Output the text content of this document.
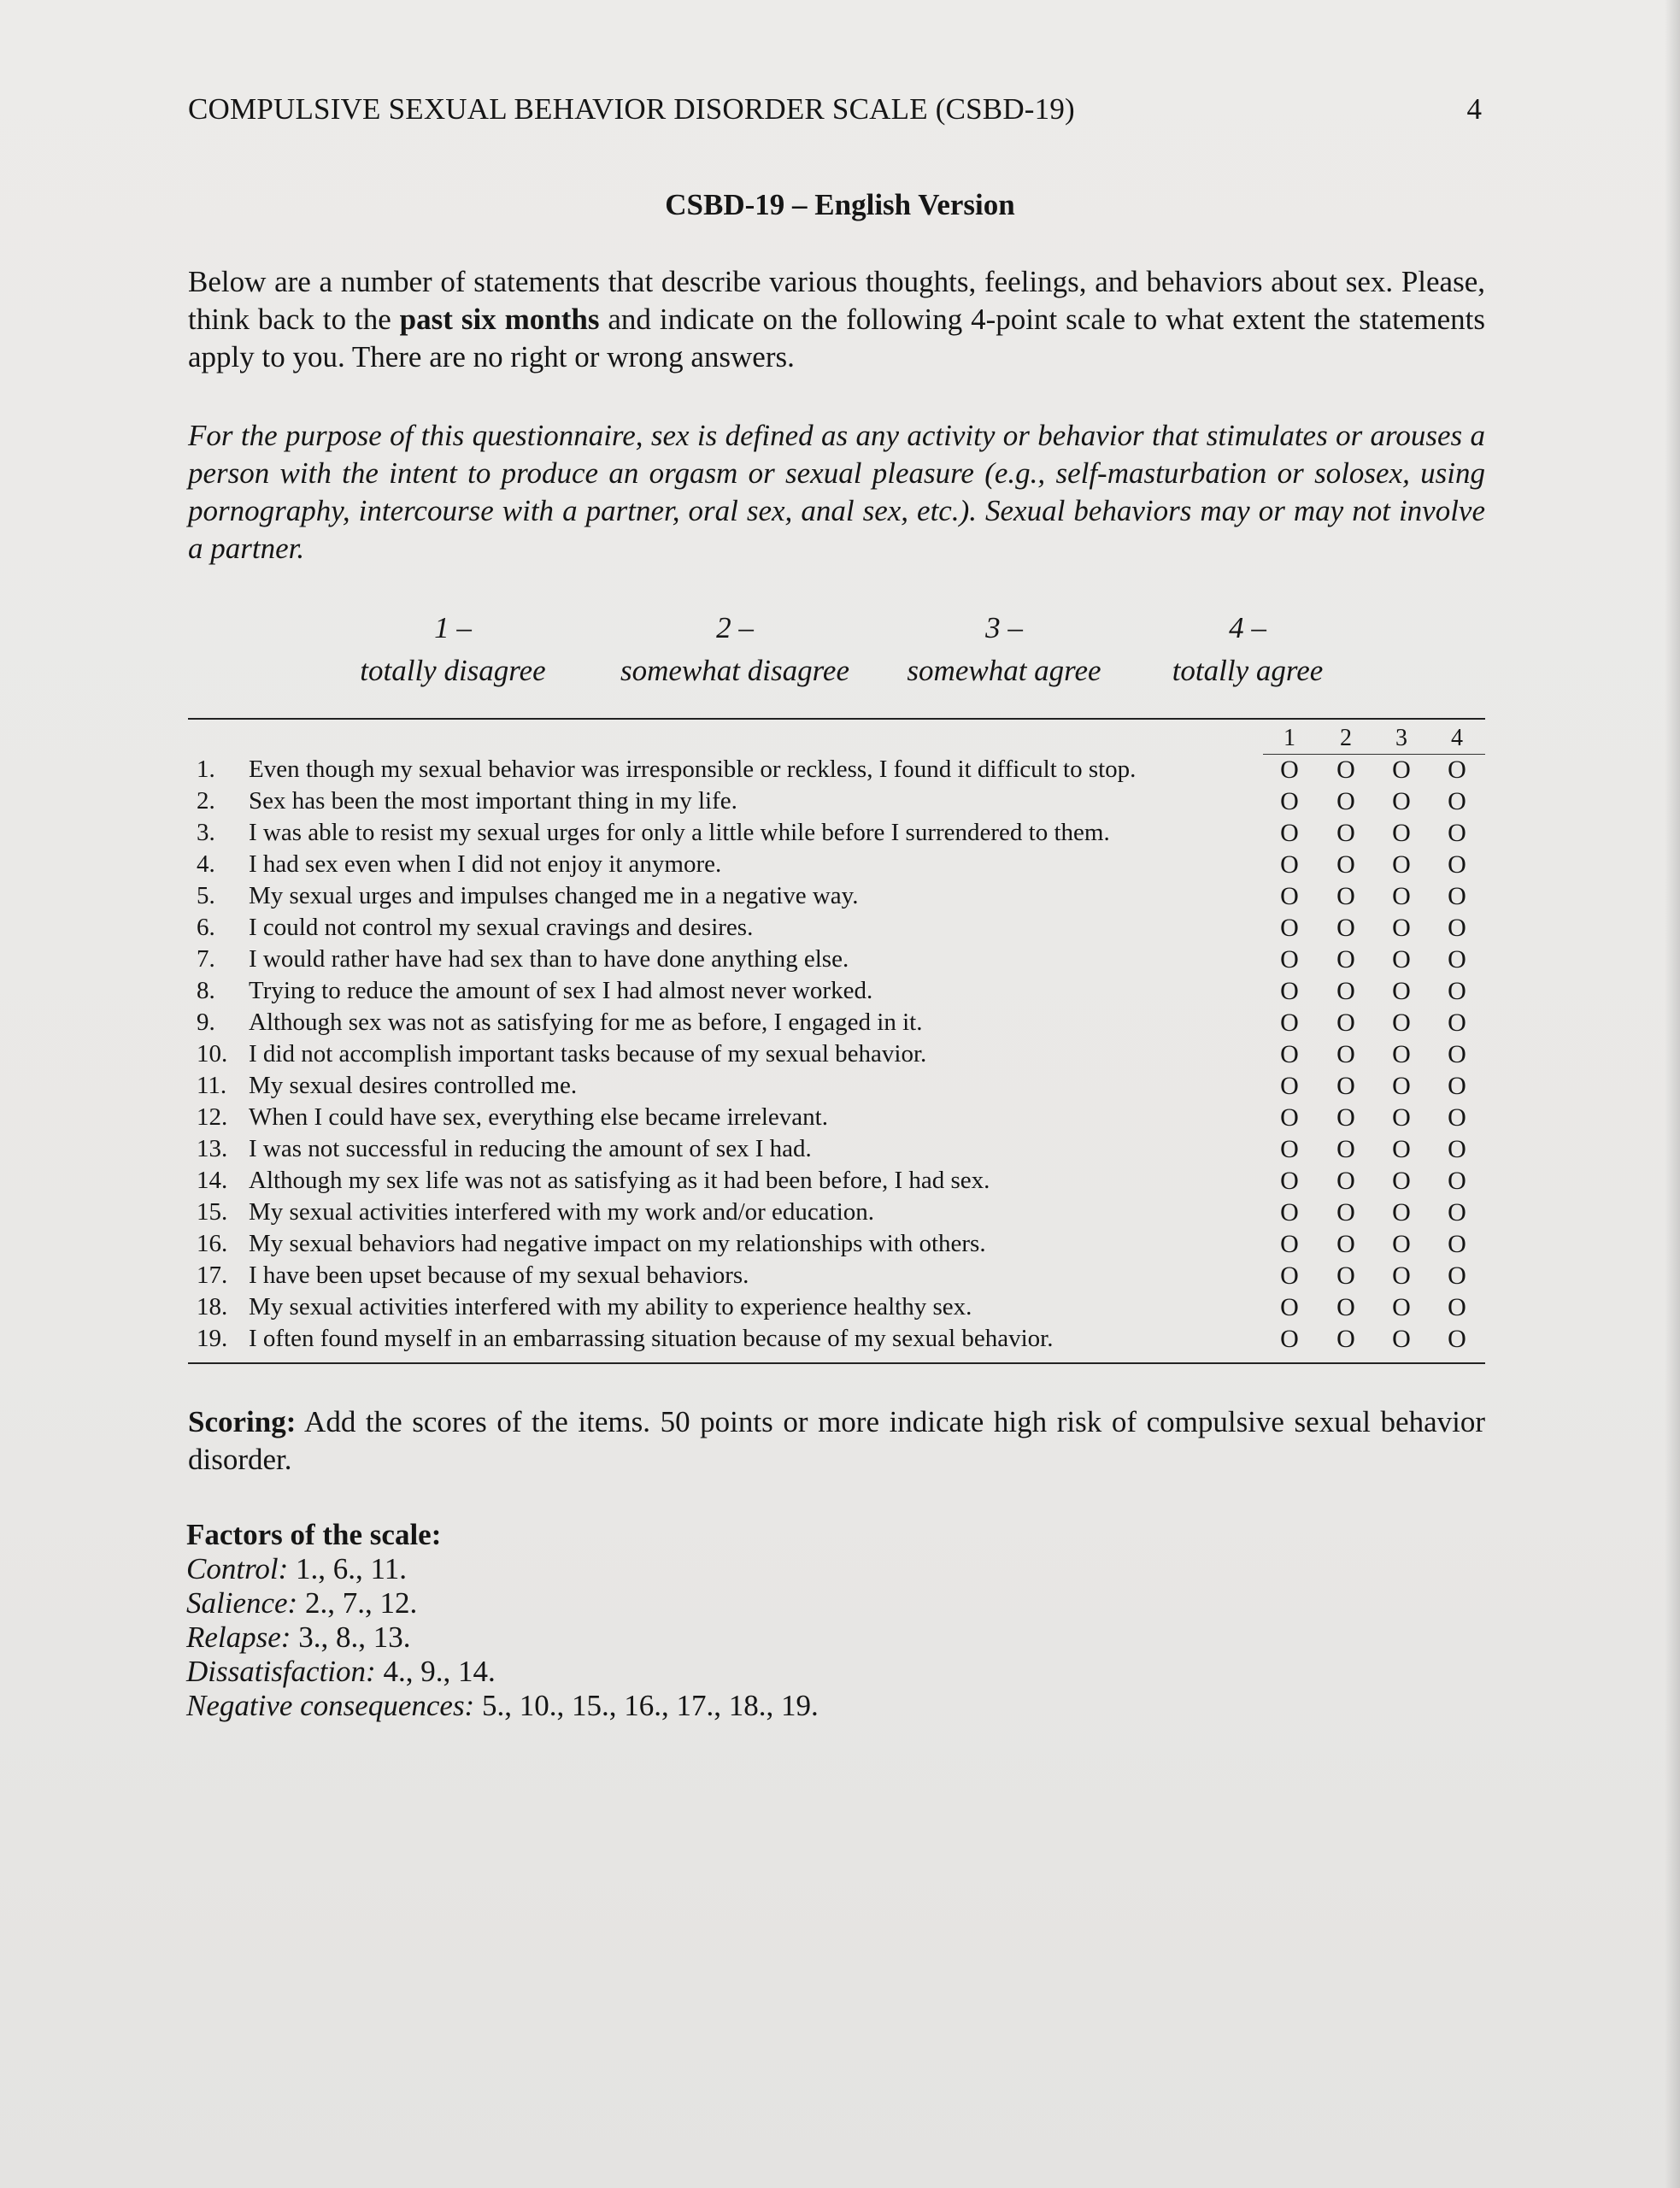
COMPULSIVE SEXUAL BEHAVIOR DISORDER SCALE (CSBD-19)	4
CSBD-19 – English Version
Below are a number of statements that describe various thoughts, feelings, and behaviors about sex. Please, think back to the past six months and indicate on the following 4-point scale to what extent the statements apply to you. There are no right or wrong answers.
For the purpose of this questionnaire, sex is defined as any activity or behavior that stimulates or arouses a person with the intent to produce an orgasm or sexual pleasure (e.g., self-masturbation or solosex, using pornography, intercourse with a partner, oral sex, anal sex, etc.). Sexual behaviors may or may not involve a partner.
1 –
totally disagree
2 –
somewhat disagree
3 –
somewhat agree
4 –
totally agree
1	2	3	4
1.	Even though my sexual behavior was irresponsible or reckless, I found it difficult to stop.	O	O	O	O
2.	Sex has been the most important thing in my life.	O	O	O	O
3.	I was able to resist my sexual urges for only a little while before I surrendered to them.	O	O	O	O
4.	I had sex even when I did not enjoy it anymore.	O	O	O	O
5.	My sexual urges and impulses changed me in a negative way.	O	O	O	O
6.	I could not control my sexual cravings and desires.	O	O	O	O
7.	I would rather have had sex than to have done anything else.	O	O	O	O
8.	Trying to reduce the amount of sex I had almost never worked.	O	O	O	O
9.	Although sex was not as satisfying for me as before, I engaged in it.	O	O	O	O
10. I did not accomplish important tasks because of my sexual behavior.	O	O	O	O
11. My sexual desires controlled me.	O	O	O	O
12. When I could have sex, everything else became irrelevant.	O	O	O	O
13. I was not successful in reducing the amount of sex I had.	O	O	O	O
14. Although my sex life was not as satisfying as it had been before, I had sex.	O	O	O	O
15. My sexual activities interfered with my work and/or education.	O	O	O	O
16. My sexual behaviors had negative impact on my relationships with others.	O	O	O	O
17. I have been upset because of my sexual behaviors.	O	O	O	O
18. My sexual activities interfered with my ability to experience healthy sex.	O	O	O	O
19. I often found myself in an embarrassing situation because of my sexual behavior.	O	O	O	O
Scoring: Add the scores of the items. 50 points or more indicate high risk of compulsive sexual behavior disorder.
Factors of the scale:
Control: 1., 6., 11.
Salience: 2., 7., 12.
Relapse: 3., 8., 13.
Dissatisfaction: 4., 9., 14.
Negative consequences: 5., 10., 15., 16., 17., 18., 19.
